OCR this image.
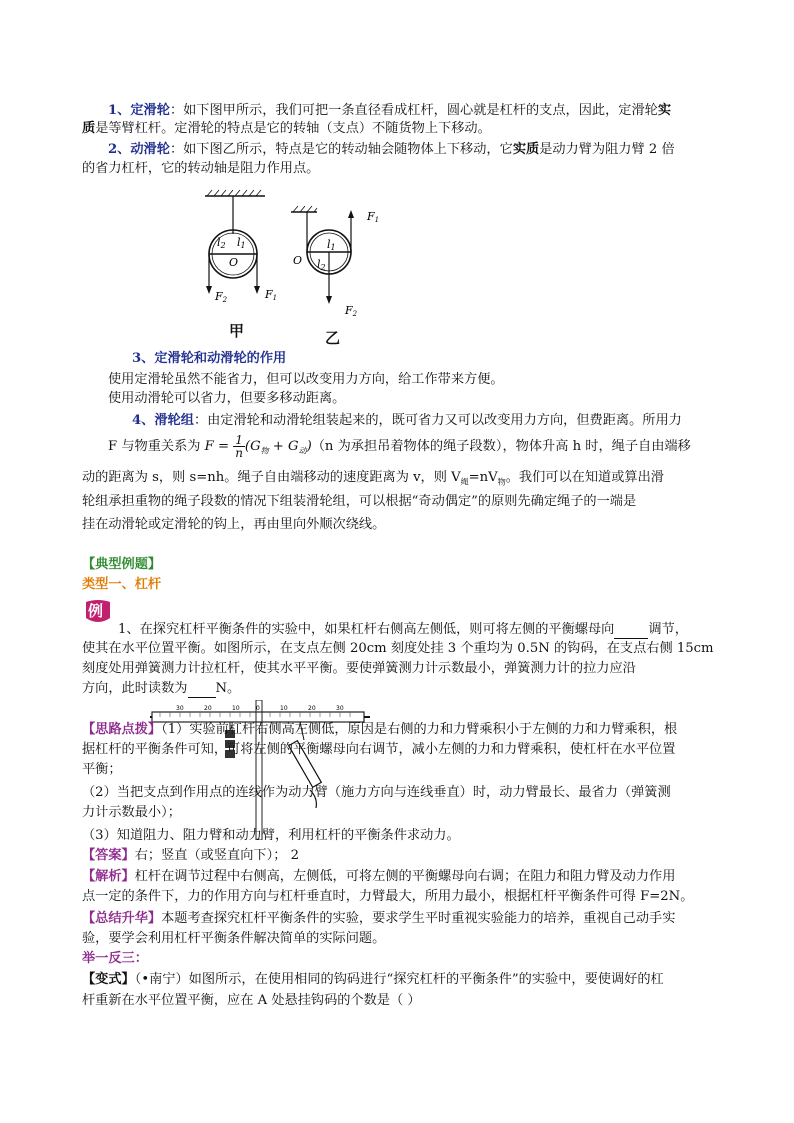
1、定滑轮：如下图甲所示，我们可把一条直径看成杠杆，圆心就是杠杆的支点，因此，定滑轮实
质是等臂杠杆。定滑轮的特点是它的转轴（支点）不随货物上下移动。
2、动滑轮：如下图乙所示，特点是它的转动轴会随物体上下移动，它实质是动力臂为阻力臂 2 倍
的省力杠杆，它的转动轴是阻力作用点。
l2 l1
O
F2	F1
l1
l2
O
F1
F2
甲	乙
3、定滑轮和动滑轮的作用
使用定滑轮虽然不能省力，但可以改变用力方向，给工作带来方便。
使用动滑轮可以省力，但要多移动距离。
4、滑轮组：由定滑轮和动滑轮组装起来的，既可省力又可以改变用力方向，但费距离。所用力
F 与物重关系为 $F = \frac{1}{n} (G_物 + G_动)(n$ 为承担吊着物体的绳子段数），物体升高 h 时，绳子自由端移
动的距离为 s，则 s=nh。绳子自由端移动的速度距离为 v，则 $V_绳=nV_物$。我们可以在知道或算出滑
轮组承担重物的绳子段数的情况下组装滑轮组，可以根据“奇动偶定”的原则先确定绳子的一端是
挂在动滑轮或定滑轮的钩上，再由里向外顺次绕线。
【典型例题】
类型一、杠杆
例
1、在探究杠杆平衡条件的实验中，如果杠杆右侧高左侧低，则可将左侧的平衡螺母向	调节，
使其在水平位置平衡。如图所示，在支点左侧 20cm 刻度处挂 3 个重均为 0.5N 的钩码，在支点右侧 15cm
刻度处用弹簧测力计拉杠杆，使其水平平衡。要使弹簧测力计示数最小，弹簧测力计的拉力应沿
方向，此时读数为 N。
30	20	10	0	10	20	30
【思路点拨】（1）实验前杠杆右侧高左侧低，原因是右侧的力和力臂乘积小于左侧的力和力臂乘积，根
据杠杆的平衡条件可知，可将左侧的平衡螺母向右调节，减小左侧的力和力臂乘积，使杠杆在水平位置
平衡；
（2）当把支点到作用点的连线作为动力臂（施力方向与连线垂直）时，动力臂最长、最省力（弹簧测
力计示数最小）；
（3）知道阻力、阻力臂和动力臂，利用杠杆的平衡条件求动力。
【答案】右；竖直（或竖直向下）； 2
【解析】杠杆在调节过程中右侧高，左侧低，可将左侧的平衡螺母向右调；在阻力和阻力臂及动力作用
点一定的条件下，力的作用方向与杠杆垂直时，力臂最大，所用力最小，根据杠杆平衡条件可得 F=2N。
【总结升华】本题考查探究杠杆平衡条件的实验，要求学生平时重视实验能力的培养，重视自己动手实
验，要学会利用杠杆平衡条件解决简单的实际问题。
举一反三：
【变式】（•南宁）如图所示，在使用相同的钩码进行“探究杠杆的平衡条件”的实验中，要使调好的杠
杆重新在水平位置平衡，应在 A 处悬挂钩码的个数是（ ）
